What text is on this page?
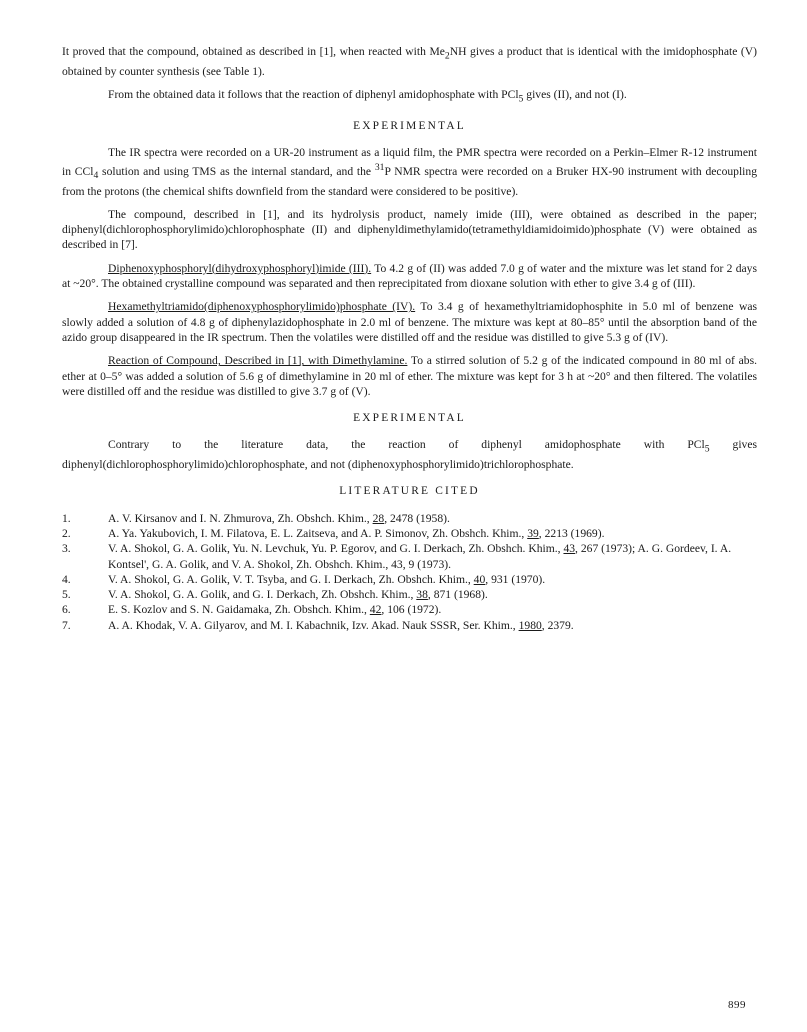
It proved that the compound, obtained as described in [1], when reacted with $Me_2NH$ gives a product that is identical with the imidophosphate (V) obtained by counter synthesis (see Table 1).

From the obtained data it follows that the reaction of diphenyl amidophosphate with PCl$_5$ gives (II), and not (I).

EXPERIMENTAL

The IR spectra were recorded on a UR-20 instrument as a liquid film, the PMR spectra were recorded on a Perkin–Elmer R-12 instrument in CCl$_4$ solution and using TMS as the internal standard, and the $^{31}$P NMR spectra were recorded on a Bruker HX-90 instrument with decoupling from the protons (the chemical shifts downfield from the standard were considered to be positive).

The compound, described in [1], and its hydrolysis product, namely imide (III), were obtained as described in the paper; diphenyl(dichlorophosphorylimido)chlorophosphate (II) and diphenyldimethylamido(tetramethyldiamidoimido)phosphate (V) were obtained as described in [7].

Diphenoxyphosphoryl(dihydroxyphosphoryl)imide (III). To 4.2 g of (II) was added 7.0 g of water and the mixture was let stand for 2 days at ~20°. The obtained crystalline compound was separated and then reprecipitated from dioxane solution with ether to give 3.4 g of (III).

Hexamethyltriamido(diphenoxyphosphorylimido)phosphate (IV). To 3.4 g of hexamethyltriamidophosphite in 5.0 ml of benzene was slowly added a solution of 4.8 g of diphenylazidophosphate in 2.0 ml of benzene. The mixture was kept at 80–85° until the absorption band of the azido group disappeared in the IR spectrum. Then the volatiles were distilled off and the residue was distilled to give 5.3 g of (IV).

Reaction of Compound, Described in [1], with Dimethylamine. To a stirred solution of 5.2 g of the indicated compound in 80 ml of abs. ether at 0–5° was added a solution of 5.6 g of dimethylamine in 20 ml of ether. The mixture was kept for 3 h at ~20° and then filtered. The volatiles were distilled off and the residue was distilled to give 3.7 g of (V).

EXPERIMENTAL

Contrary to the literature data, the reaction of diphenyl amidophosphate with PCl$_5$ gives diphenyl(dichlorophosphorylimido)chlorophosphate, and not (diphenoxyphosphorylimido)trichlorophosphate.

LITERATURE CITED
1.	A. V. Kirsanov and I. N. Zhmurova, Zh. Obshch. Khim., 28, 2478 (1958).
2.	A. Ya. Yakubovich, I. M. Filatova, E. L. Zaitseva, and A. P. Simonov, Zh. Obshch. Khim., 39, 2213 (1969).
3.	V. A. Shokol, G. A. Golik, Yu. N. Levchuk, Yu. P. Egorov, and G. I. Derkach, Zh. Obshch. Khim., 43, 267 (1973); A. G. Gordeev, I. A. Kontsel', G. A. Golik, and V. A. Shokol, Zh. Obshch. Khim., 43, 9 (1973).
4.	V. A. Shokol, G. A. Golik, V. T. Tsyba, and G. I. Derkach, Zh. Obshch. Khim., 40, 931 (1970).
5.	V. A. Shokol, G. A. Golik, and G. I. Derkach, Zh. Obshch. Khim., 38, 871 (1968).
6.	E. S. Kozlov and S. N. Gaidamaka, Zh. Obshch. Khim., 42, 106 (1972).
7.	A. A. Khodak, V. A. Gilyarov, and M. I. Kabachnik, Izv. Akad. Nauk SSSR, Ser. Khim., 1980, 2379.
899
